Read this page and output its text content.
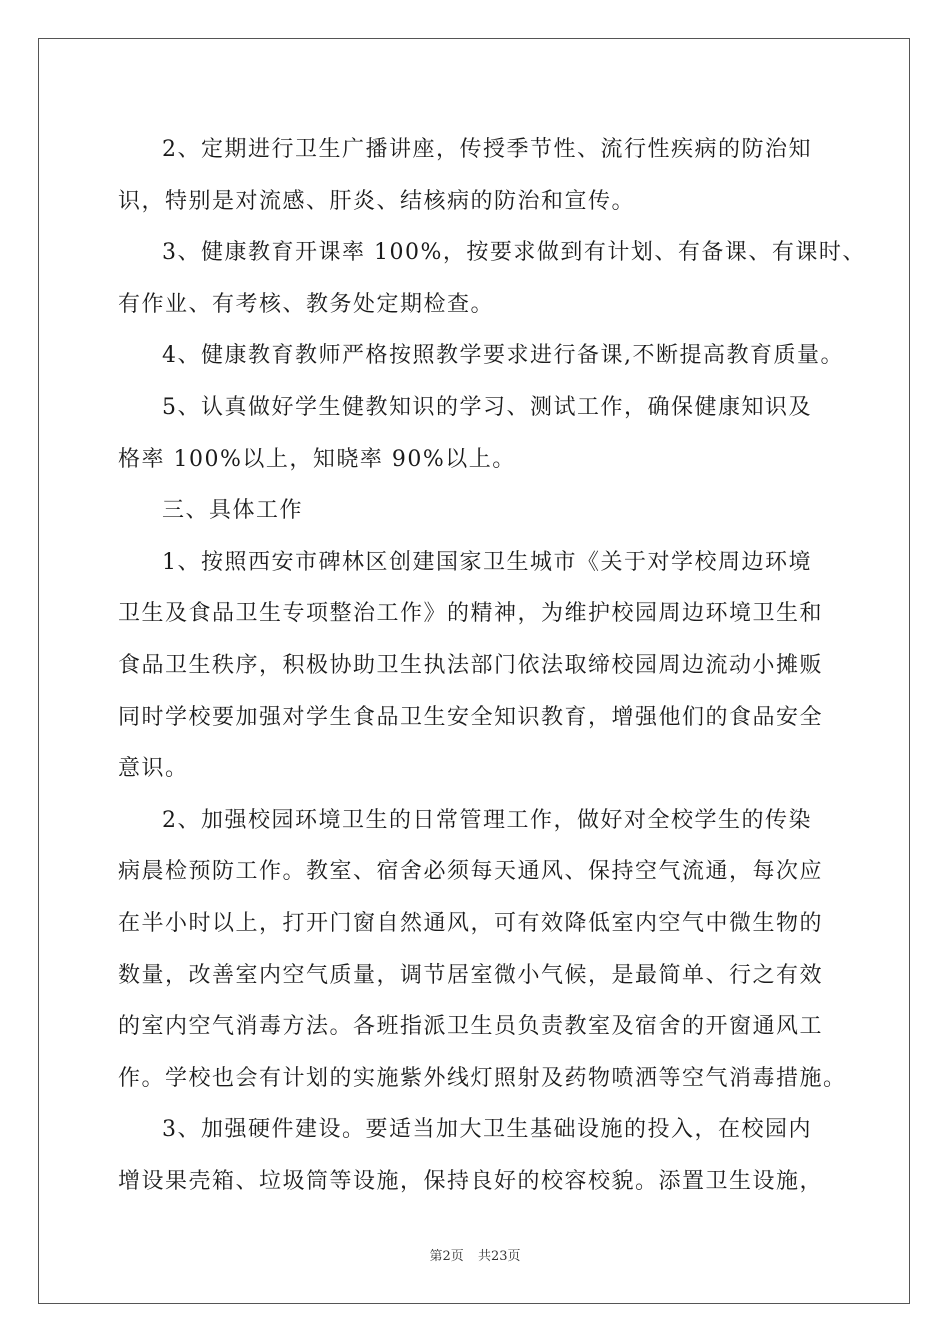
2、定期进行卫生广播讲座，传授季节性、流行性疾病的防治知
识，特别是对流感、肝炎、结核病的防治和宣传。
3、健康教育开课率 100%，按要求做到有计划、有备课、有课时、
有作业、有考核、教务处定期检查。
4、健康教育教师严格按照教学要求进行备课,不断提高教育质量。
5、认真做好学生健教知识的学习、测试工作，确保健康知识及
格率 100%以上，知晓率 90%以上。
三、具体工作
1、按照西安市碑林区创建国家卫生城市《关于对学校周边环境
卫生及食品卫生专项整治工作》的精神，为维护校园周边环境卫生和
食品卫生秩序，积极协助卫生执法部门依法取缔校园周边流动小摊贩
同时学校要加强对学生食品卫生安全知识教育，增强他们的食品安全
意识。
2、加强校园环境卫生的日常管理工作，做好对全校学生的传染
病晨检预防工作。教室、宿舍必须每天通风、保持空气流通，每次应
在半小时以上，打开门窗自然通风，可有效降低室内空气中微生物的
数量，改善室内空气质量，调节居室微小气候，是最简单、行之有效
的室内空气消毒方法。各班指派卫生员负责教室及宿舍的开窗通风工
作。学校也会有计划的实施紫外线灯照射及药物喷洒等空气消毒措施。
3、加强硬件建设。要适当加大卫生基础设施的投入，在校园内
增设果壳箱、垃圾筒等设施，保持良好的校容校貌。添置卫生设施，
第2页 共23页
